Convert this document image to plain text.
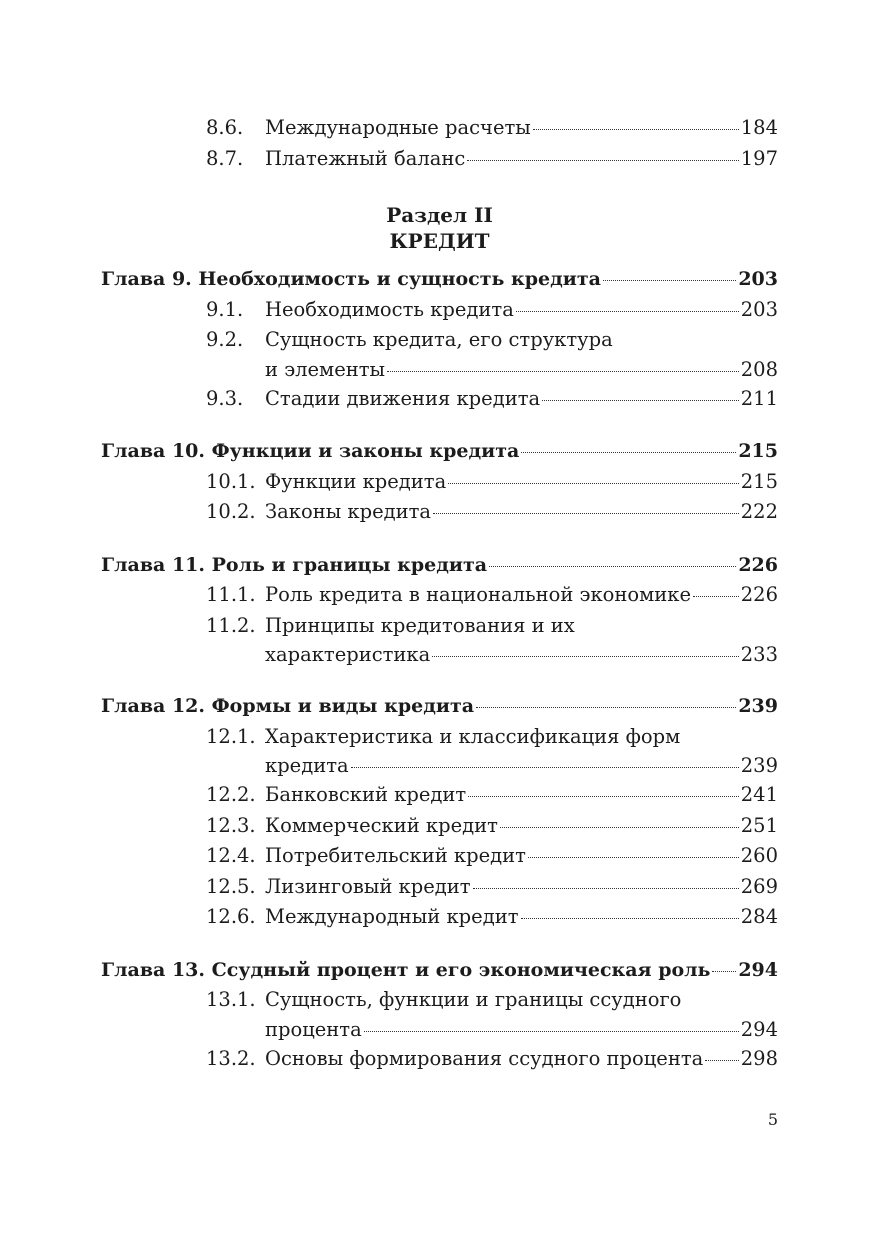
8.6.	Международные расчеты	184
8.7.	Платежный баланс	197
Раздел II
КРЕДИТ
Глава 9. Необходимость и сущность кредита	203
9.1.	Необходимость кредита	203
9.2.	Сущность кредита, его структура
и элементы	208
9.3.	Стадии движения кредита	211
Глава 10. Функции и законы кредита	215
10.1. Функции кредита	215
10.2. Законы кредита	222
Глава 11. Роль и границы кредита	226
11.1. Роль кредита в национальной экономике	226
11.2. Принципы кредитования и их
характеристика	233
Глава 12. Формы и виды кредита	239
12.1. Характеристика и классификация форм
кредита	239
12.2. Банковский кредит	241
12.3. Коммерческий кредит	251
12.4. Потребительский кредит	260
12.5. Лизинговый кредит	269
12.6. Международный кредит	284
Глава 13. Ссудный процент и его экономическая роль 294
13.1. Сущность, функции и границы ссудного
процента	294
13.2. Основы формирования ссудного процента 298
5
